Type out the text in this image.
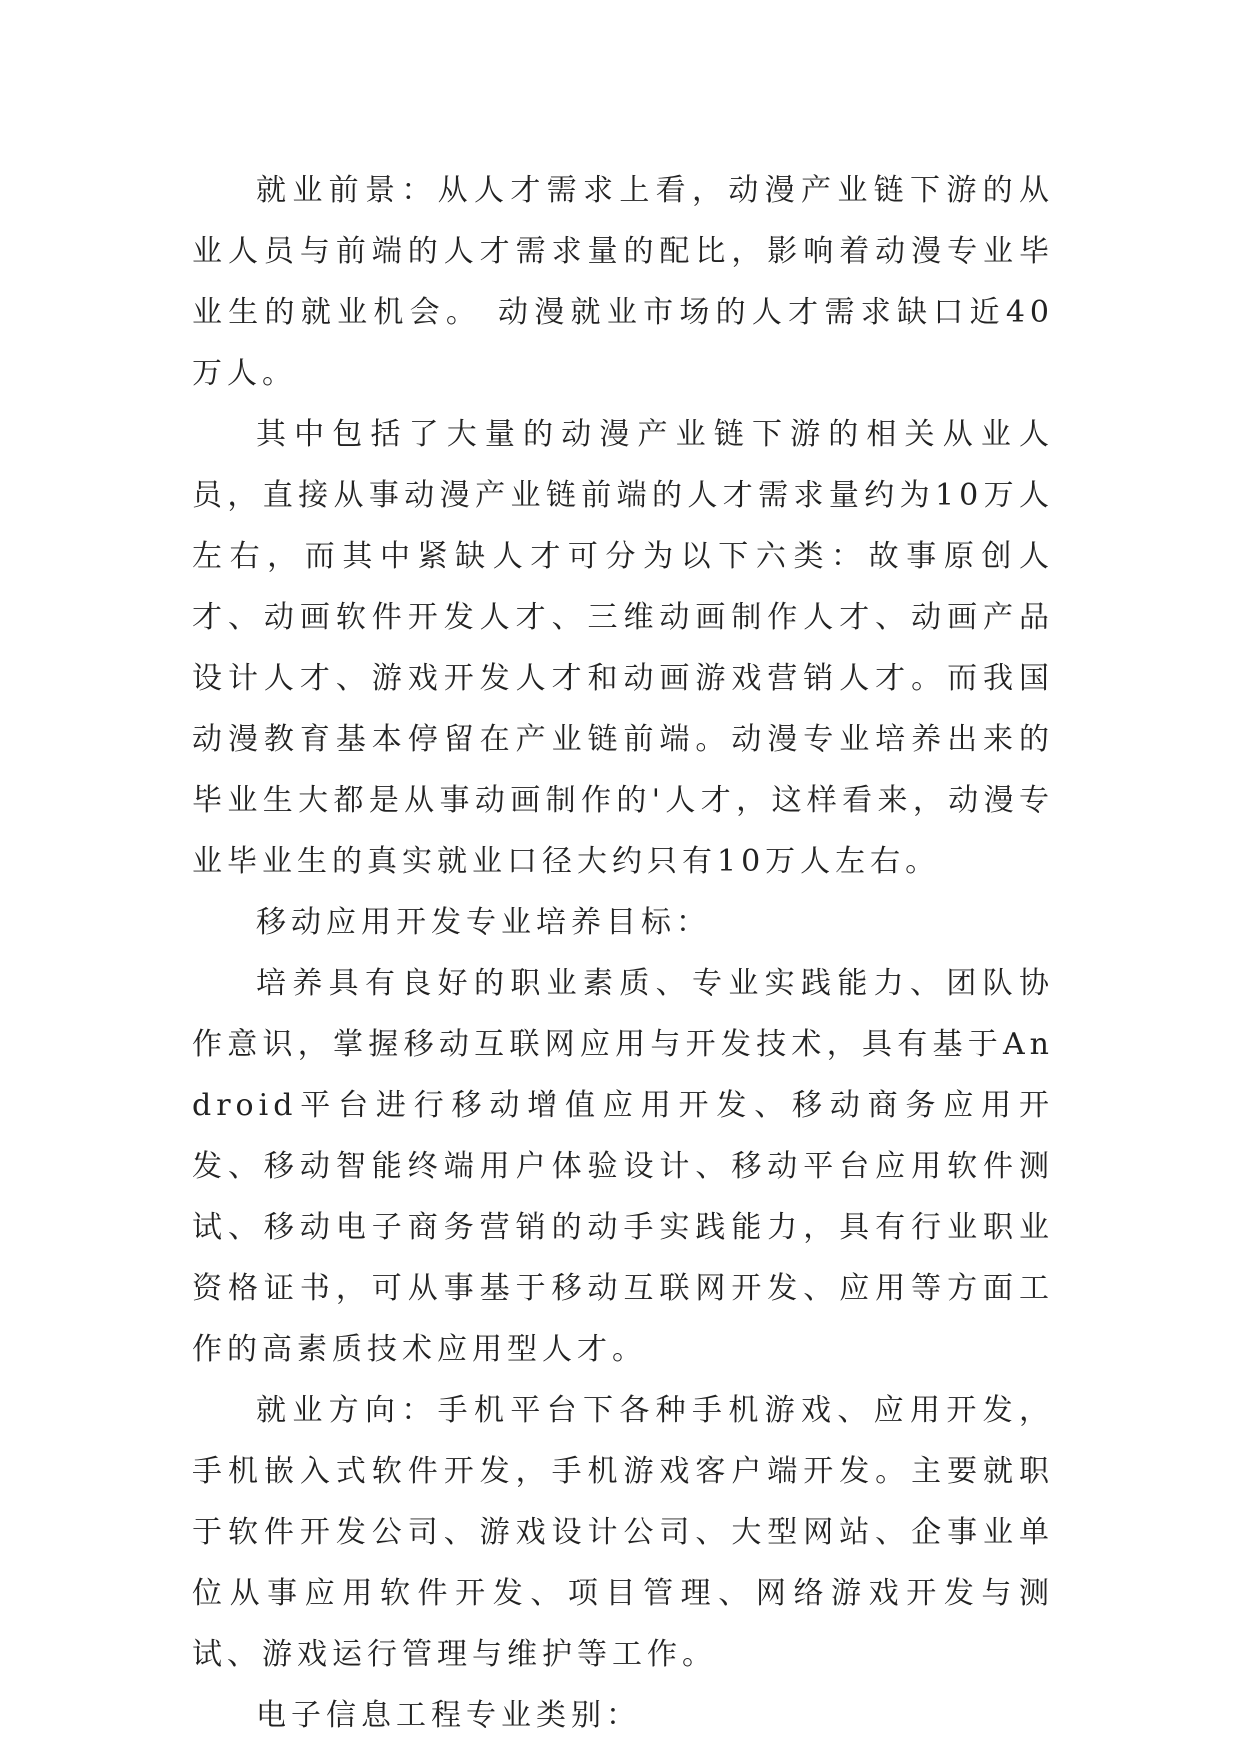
就业前景：从人才需求上看，动漫产业链下游的从业人员与前端的人才需求量的配比，影响着动漫专业毕业生的就业机会。 动漫就业市场的人才需求缺口近40万人。

其中包括了大量的动漫产业链下游的相关从业人员，直接从事动漫产业链前端的人才需求量约为10万人左右，而其中紧缺人才可分为以下六类：故事原创人才、动画软件开发人才、三维动画制作人才、动画产品设计人才、游戏开发人才和动画游戏营销人才。而我国动漫教育基本停留在产业链前端。动漫专业培养出来的毕业生大都是从事动画制作的'人才，这样看来，动漫专业毕业生的真实就业口径大约只有10万人左右。

移动应用开发专业培养目标：

培养具有良好的职业素质、专业实践能力、团队协作意识，掌握移动互联网应用与开发技术，具有基于Android平台进行移动增值应用开发、移动商务应用开发、移动智能终端用户体验设计、移动平台应用软件测试、移动电子商务营销的动手实践能力，具有行业职业资格证书，可从事基于移动互联网开发、应用等方面工作的高素质技术应用型人才。

就业方向：手机平台下各种手机游戏、应用开发，手机嵌入式软件开发，手机游戏客户端开发。主要就职于软件开发公司、游戏设计公司、大型网站、企事业单位从事应用软件开发、项目管理、网络游戏开发与测试、游戏运行管理与维护等工作。

电子信息工程专业类别：
